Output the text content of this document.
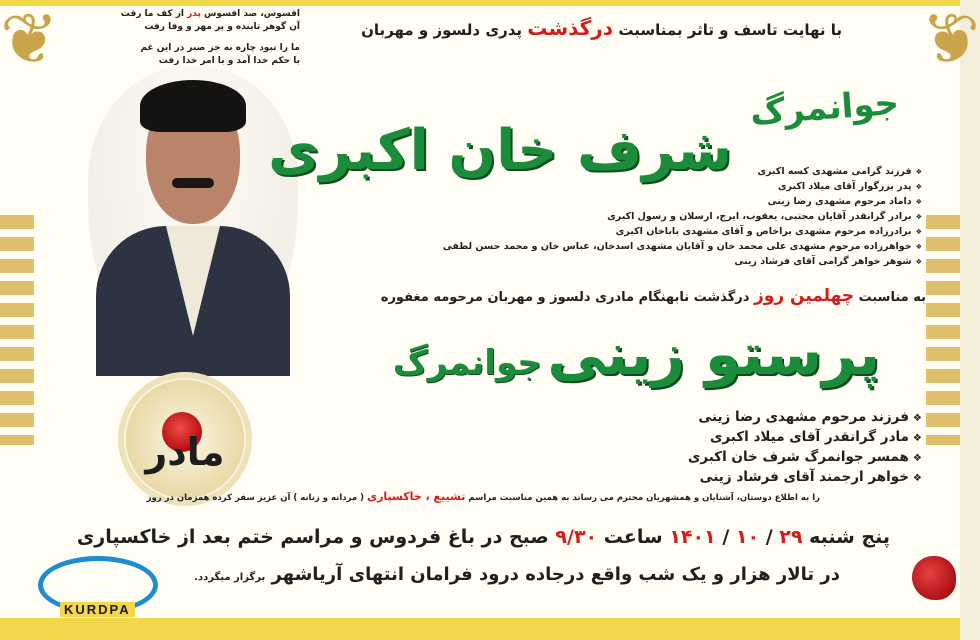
❦	❦
با نهایت تاسف و تاثر بمناسبت درگذشت پدری دلسوز و مهربان
افسوس، صد افسوس پدر از کف ما رفت
آن گوهر تابنده و پر مهر و وفا رفت
ما را نبود چاره به جز صبر در این غم
با حکم خدا آمد و با امر خدا رفت
جوانمرگ
شرف خان اکبری
❖	فرزند گرامی مشهدی کسه اکبری
❖ پدر بزرگوار آقای میلاد اکبری
❖ داماد مرحوم مشهدی رضا زینی
❖ برادر گرانقدر آقایان مجتبی، یعقوب، ایرج، ارسلان و رسول اکبری
❖ برادرزاده مرحوم مشهدی براخاص و آقای مشهدی باباخان اکبری
❖ خواهرزاده مرحوم مشهدی علی محمد خان و آقایان مشهدی اسدخان، عباس خان و محمد حسن لطفی
❖ شوهر خواهر گرامی آقای فرشاد زینی
به مناسبت چهلمین روز درگذشت نابهنگام مادری دلسوز و مهربان مرحومه مغفوره
پرستو زینی جوانمرگ
❖ فرزند مرحوم مشهدی رضا زینی
❖ مادر گرانقدر آقای میلاد اکبری
❖ همسر جوانمرگ شرف خان اکبری
❖ خواهر ارجمند آقای فرشاد زینی
مادر
را به اطلاع دوستان، آشنایان و همشهریان محترم می رساند به همین مناسبت مراسم تشییع ، خاکسپاری ( مردانه و زنانه ) آن عزیز سفر کرده همزمان در روز
پنج شنبه ۲۹ / ۱۰ / ۱۴۰۱ ساعت ۹/۳۰ صبح در باغ فردوس و مراسم ختم بعد از خاکسپاری
در تالار هزار و یک شب واقع درجاده درود فرامان انتهای آریاشهر برگزار میگردد.
KURDPA
